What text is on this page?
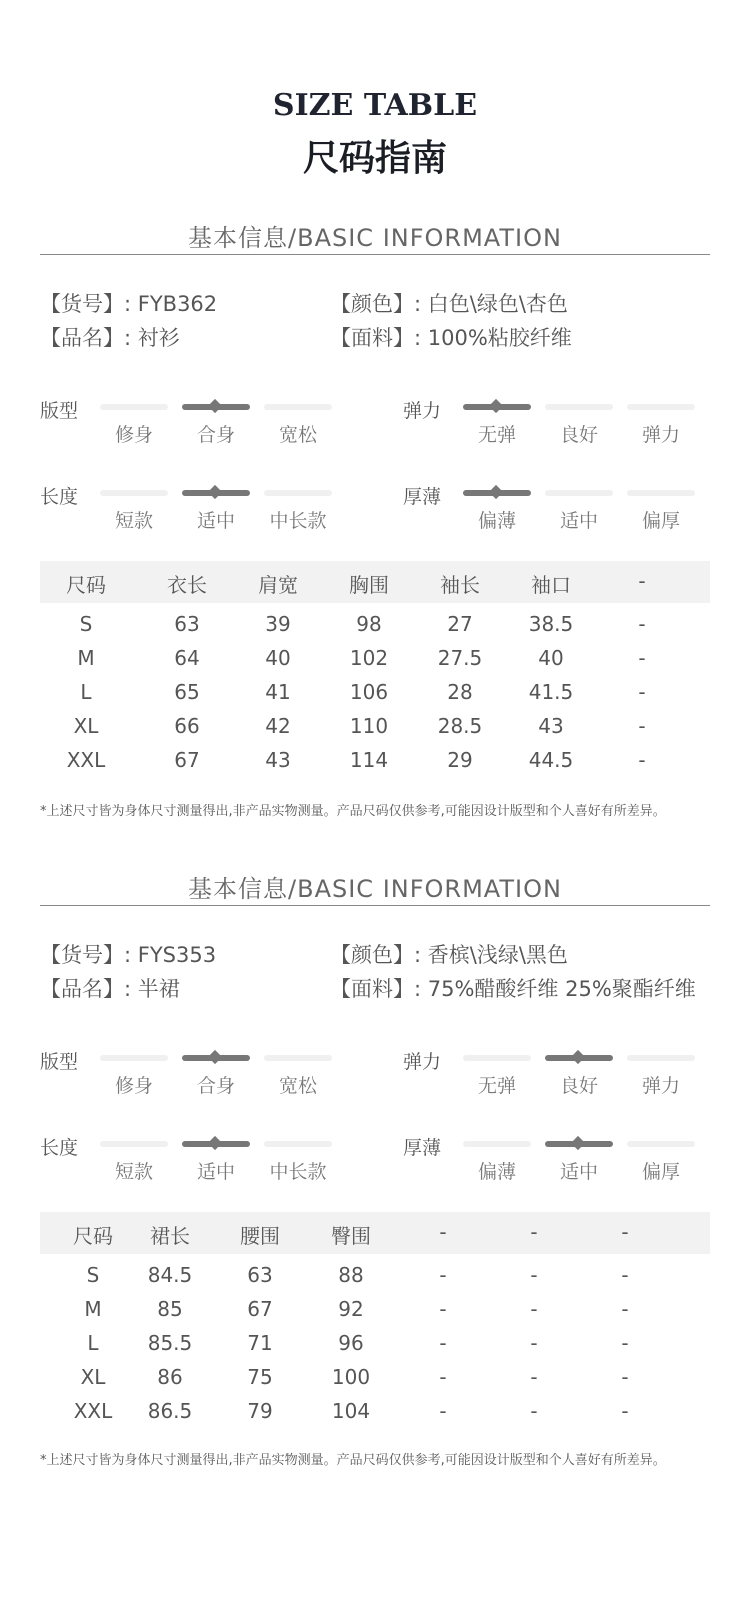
SIZE TABLE
尺码指南
基本信息/BASIC INFORMATION
【货号】: FYB362	【颜色】: 白色\绿色\杏色
【品名】: 衬衫	【面料】: 100%粘胶纤维
版型
修身	合身	宽松
弹力
无弹	良好	弹力
长度
短款	适中	中长款
厚薄
偏薄	适中	偏厚
尺码	衣长	肩宽	胸围	袖长	袖口	-
S	63	39	98	27	38.5	-
M	64	40	102	27.5	40	-
L	65	41	106	28	41.5	-
XL	66	42	110	28.5	43	-
XXL	67	43	114	29	44.5	-
*上述尺寸皆为身体尺寸测量得出,非产品实物测量。产品尺码仅供参考,可能因设计版型和个人喜好有所差异。
基本信息/BASIC INFORMATION
【货号】: FYS353	【颜色】: 香槟\浅绿\黑色
【品名】: 半裙	【面料】: 75%醋酸纤维 25%聚酯纤维
版型
修身	合身	宽松
弹力
无弹	良好	弹力
长度
短款	适中	中长款
厚薄
偏薄	适中	偏厚
尺码	裙长	腰围	臀围	-	-	-
S	84.5	63	88	-	-	-
M	85	67	92	-	-	-
L	85.5	71	96	-	-	-
XL	86	75	100	-	-	-
XXL	86.5	79	104	-	-	-
*上述尺寸皆为身体尺寸测量得出,非产品实物测量。产品尺码仅供参考,可能因设计版型和个人喜好有所差异。
